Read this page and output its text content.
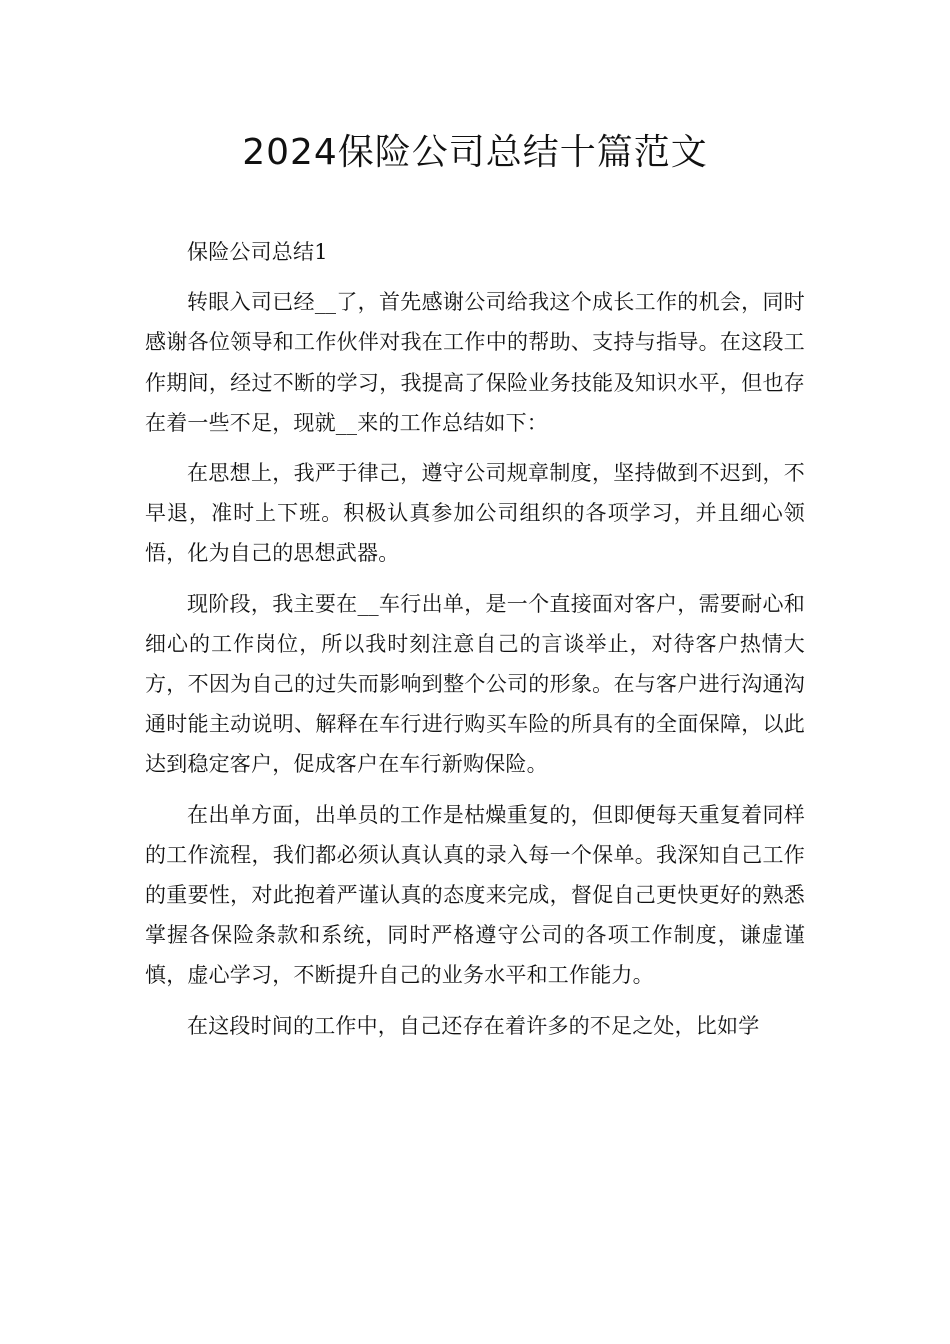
2024保险公司总结十篇范文

保险公司总结1

转眼入司已经__了，首先感谢公司给我这个成长工作的机会，同时感谢各位领导和工作伙伴对我在工作中的帮助、支持与指导。在这段工作期间，经过不断的学习，我提高了保险业务技能及知识水平，但也存在着一些不足，现就__来的工作总结如下：

在思想上，我严于律己，遵守公司规章制度，坚持做到不迟到，不早退，准时上下班。积极认真参加公司组织的各项学习，并且细心领悟，化为自己的思想武器。

现阶段，我主要在__车行出单，是一个直接面对客户，需要耐心和细心的工作岗位，所以我时刻注意自己的言谈举止，对待客户热情大方，不因为自己的过失而影响到整个公司的形象。在与客户进行沟通沟通时能主动说明、解释在车行进行购买车险的所具有的全面保障，以此达到稳定客户，促成客户在车行新购保险。

在出单方面，出单员的工作是枯燥重复的，但即便每天重复着同样的工作流程，我们都必须认真认真的录入每一个保单。我深知自己工作的重要性，对此抱着严谨认真的态度来完成，督促自己更快更好的熟悉掌握各保险条款和系统，同时严格遵守公司的各项工作制度，谦虚谨慎，虚心学习，不断提升自己的业务水平和工作能力。

在这段时间的工作中，自己还存在着许多的不足之处，比如学
